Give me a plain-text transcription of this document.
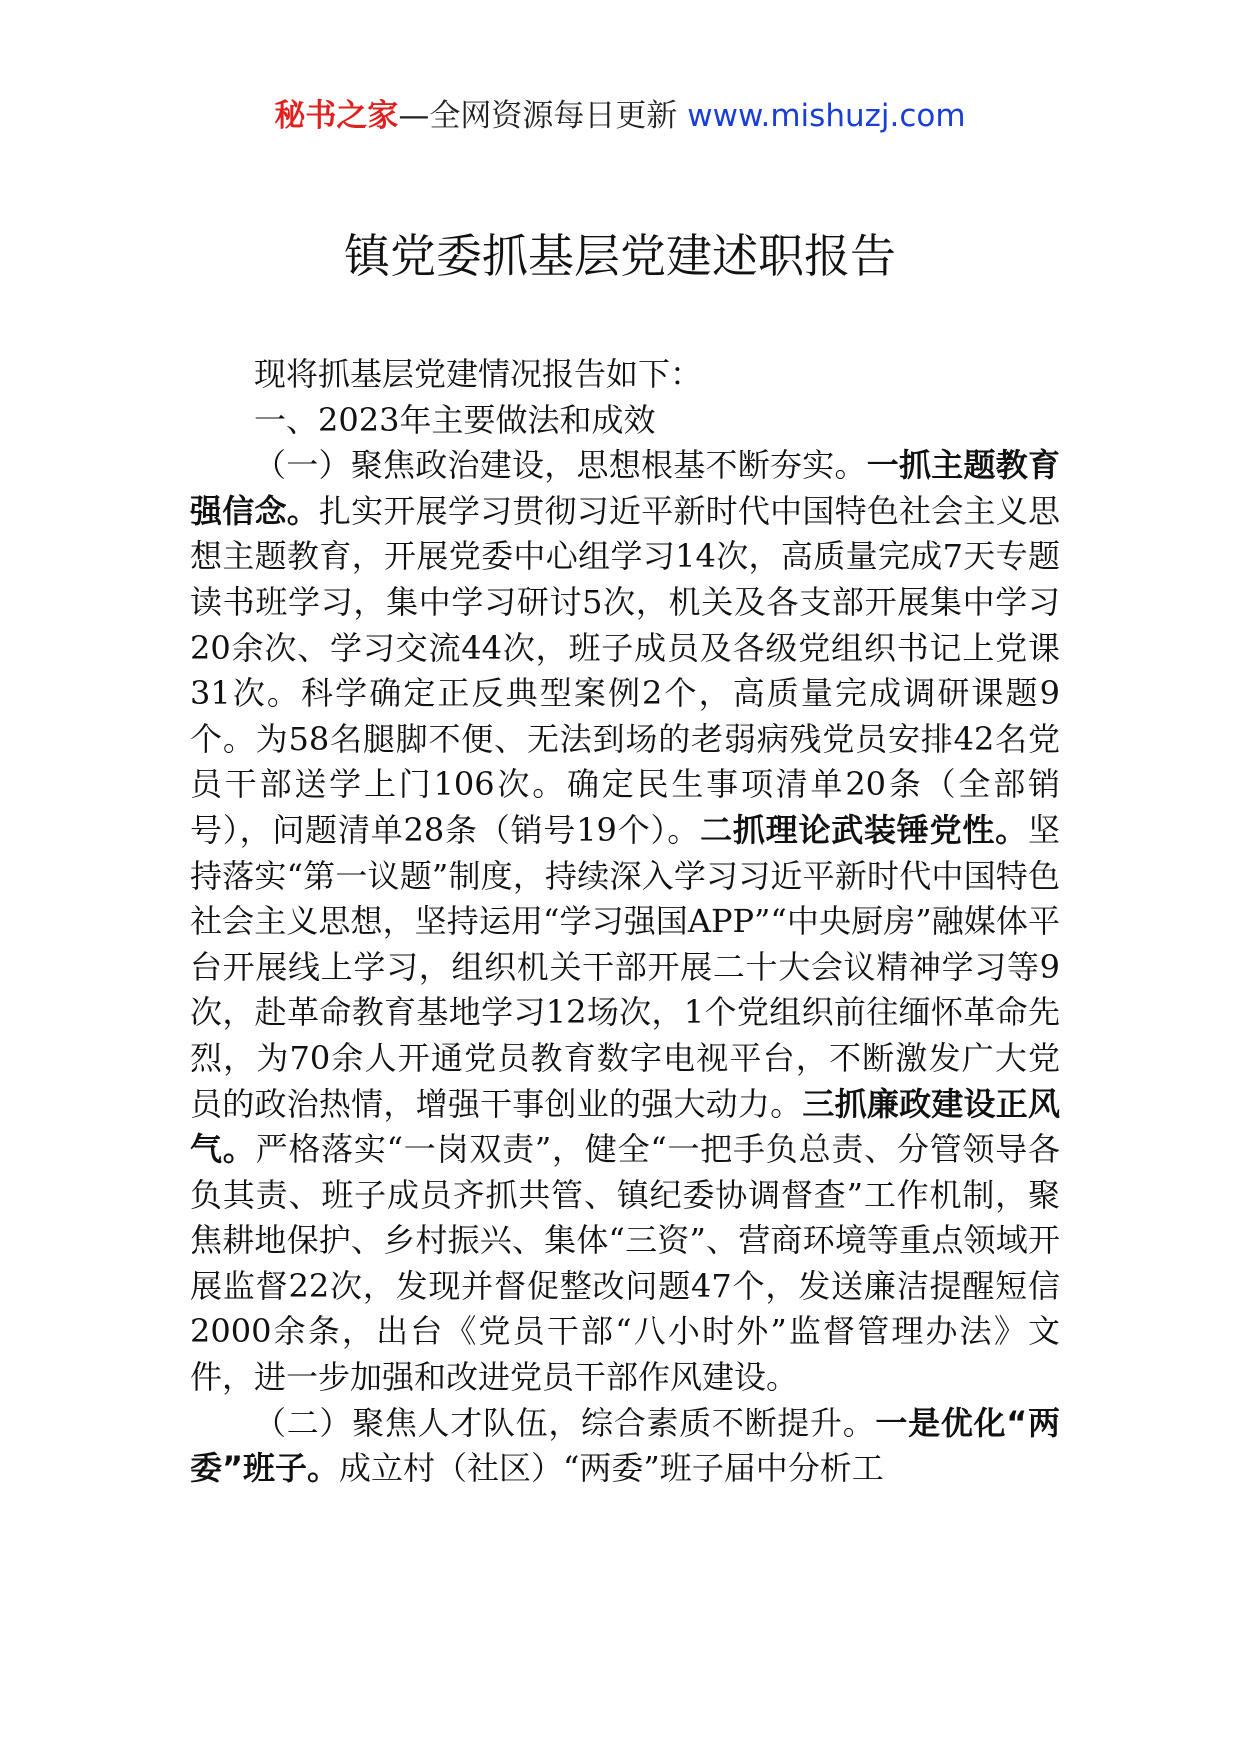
秘书之家—全网资源每日更新 www.mishuzj.com
镇党委抓基层党建述职报告

现将抓基层党建情况报告如下：

一、2023年主要做法和成效

（一）聚焦政治建设，思想根基不断夯实。一抓主题教育强信念。扎实开展学习贯彻习近平新时代中国特色社会主义思想主题教育，开展党委中心组学习14次，高质量完成7天专题读书班学习，集中学习研讨5次，机关及各支部开展集中学习20余次、学习交流44次，班子成员及各级党组织书记上党课31次。科学确定正反典型案例2个，高质量完成调研课题9个。为58名腿脚不便、无法到场的老弱病残党员安排42名党员干部送学上门106次。确定民生事项清单20条（全部销号），问题清单28条（销号19个）。二抓理论武装锤党性。坚持落实“第一议题”制度，持续深入学习习近平新时代中国特色社会主义思想，坚持运用“学习强国APP”“中央厨房”融媒体平台开展线上学习，组织机关干部开展二十大会议精神学习等9次，赴革命教育基地学习12场次，1个党组织前往缅怀革命先烈，为70余人开通党员教育数字电视平台，不断激发广大党员的政治热情，增强干事创业的强大动力。三抓廉政建设正风气。严格落实“一岗双责”，健全“一把手负总责、分管领导各负其责、班子成员齐抓共管、镇纪委协调督查”工作机制，聚焦耕地保护、乡村振兴、集体“三资”、营商环境等重点领域开展监督22次，发现并督促整改问题47个，发送廉洁提醒短信2000余条，出台《党员干部“八小时外”监督管理办法》文件，进一步加强和改进党员干部作风建设。

（二）聚焦人才队伍，综合素质不断提升。一是优化“两委”班子。成立村（社区）“两委”班子届中分析工
